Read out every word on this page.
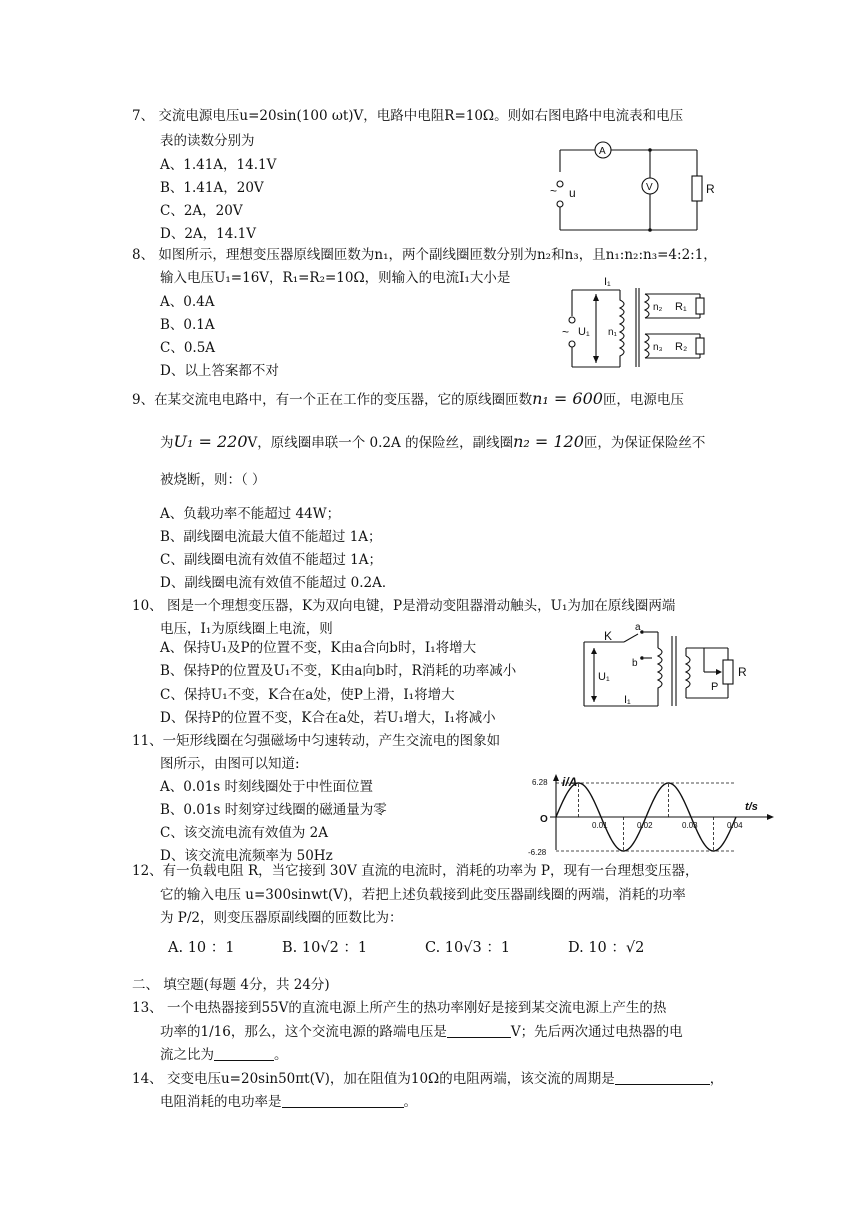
7、 交流电源电压u=20sin(100 ωt)V，电路中电阻R=10Ω。则如右图电路中电流表和电压
表的读数分别为
A、1.41A，14.1V
B、1.41A，20V
C、2A，20V
D、2A，14.1V
~
A
V
u	R
8、 如图所示，理想变压器原线圈匝数为n₁，两个副线圈匝数分别为n₂和n₃，且n₁:n₂:n₃=4:2:1，
输入电压U₁=16V，R₁=R₂=10Ω，则输入的电流I₁大小是
A、0.4A
B、0.1A
C、0.5A
D、以上答案都不对
~
I₁
U₁ n₁
n₂ R₁
n₃ R₂
9、在某交流电电路中，有一个正在工作的变压器，它的原线圈匝数n₁ = 600匝，电源电压
为U₁ = 220V，原线圈串联一个 0.2A 的保险丝，副线圈n₂ = 120匝，为保证保险丝不
被烧断，则：（ ）
A、负载功率不能超过 44W；
B、副线圈电流最大值不能超过 1A；
C、副线圈电流有效值不能超过 1A；
D、副线圈电流有效值不能超过 0.2A．
10、 图是一个理想变压器，K为双向电键，P是滑动变阻器滑动触头，U₁为加在原线圈两端
电压，I₁为原线圈上电流，则
A、保持U₁及P的位置不变，K由a合向b时，I₁将增大
B、保持P的位置及U₁不变，K由a向b时，R消耗的功率减小
C、保持U₁不变，K合在a处，使P上滑，I₁将增大
D、保持P的位置不变，K合在a处，若U₁增大，I₁将减小
K
a
b
U₁
I₁
P
R
11、一矩形线圈在匀强磁场中匀速转动，产生交流电的图象如
图所示，由图可以知道:
A、0.01s 时刻线圈处于中性面位置
B、0.01s 时刻穿过线圈的磁通量为零
C、该交流电流有效值为 2A
D、该交流电流频率为 50Hz
0.01	0.02	0.03	0.04
6.28
-6.28
i/A
t/s
O
12、有一负载电阻 R，当它接到 30V 直流的电流时，消耗的功率为 P，现有一台理想变压器，
它的输入电压 u=300sinwt(V)，若把上述负载接到此变压器副线圈的两端，消耗的功率
为 P/2，则变压器原副线圈的匝数比为：
A. 10 ：1	B. 10√2 ：1	C. 10√3 ：1	D. 10 ：√2
二、 填空题(每题 4分，共 24分)
13、 一个电热器接到55V的直流电源上所产生的热功率刚好是接到某交流电源上产生的热
功率的1/16，那么，这个交流电源的路端电压是	V；先后两次通过电热器的电
流之比为	。
14、 交变电压u=20sin50πt(V)，加在阻值为10Ω的电阻两端，该交流的周期是	，
电阻消耗的电功率是	。
